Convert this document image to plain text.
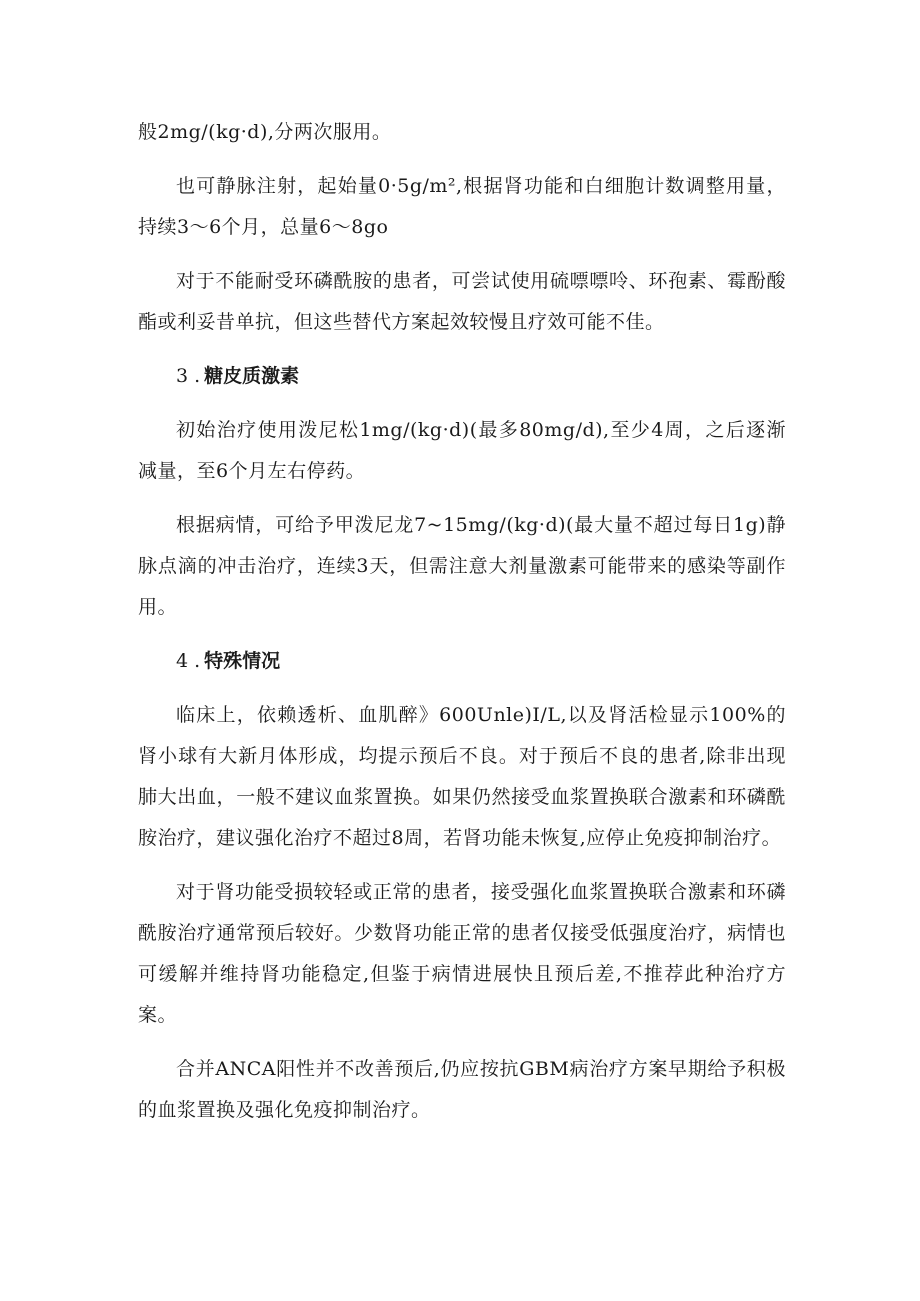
般2mg/(kg·d),分两次服用。

也可静脉注射，起始量0·5g/m²,根据肾功能和白细胞计数调整用量，持续3～6个月，总量6～8go

对于不能耐受环磷酰胺的患者，可尝试使用硫嘌嘌呤、环孢素、霉酚酸酯或利妥昔单抗，但这些替代方案起效较慢且疗效可能不佳。

3 . 糖皮质激素

初始治疗使用泼尼松1mg/(kg·d)(最多80mg/d),至少4周，之后逐渐减量，至6个月左右停药。

根据病情，可给予甲泼尼龙7~15mg/(kg·d)(最大量不超过每日1g)静脉点滴的冲击治疗，连续3天，但需注意大剂量激素可能带来的感染等副作用。

4 . 特殊情况

临床上，依赖透析、血肌醉》600Unle)I/L,以及肾活检显示100%的肾小球有大新月体形成，均提示预后不良。对于预后不良的患者,除非出现肺大出血，一般不建议血浆置换。如果仍然接受血浆置换联合激素和环磷酰胺治疗，建议强化治疗不超过8周，若肾功能未恢复,应停止免疫抑制治疗。

对于肾功能受损较轻或正常的患者，接受强化血浆置换联合激素和环磷酰胺治疗通常预后较好。少数肾功能正常的患者仅接受低强度治疗，病情也可缓解并维持肾功能稳定,但鉴于病情进展快且预后差,不推荐此种治疗方案。

合并ANCA阳性并不改善预后,仍应按抗GBM病治疗方案早期给予积极的血浆置换及强化免疫抑制治疗。
